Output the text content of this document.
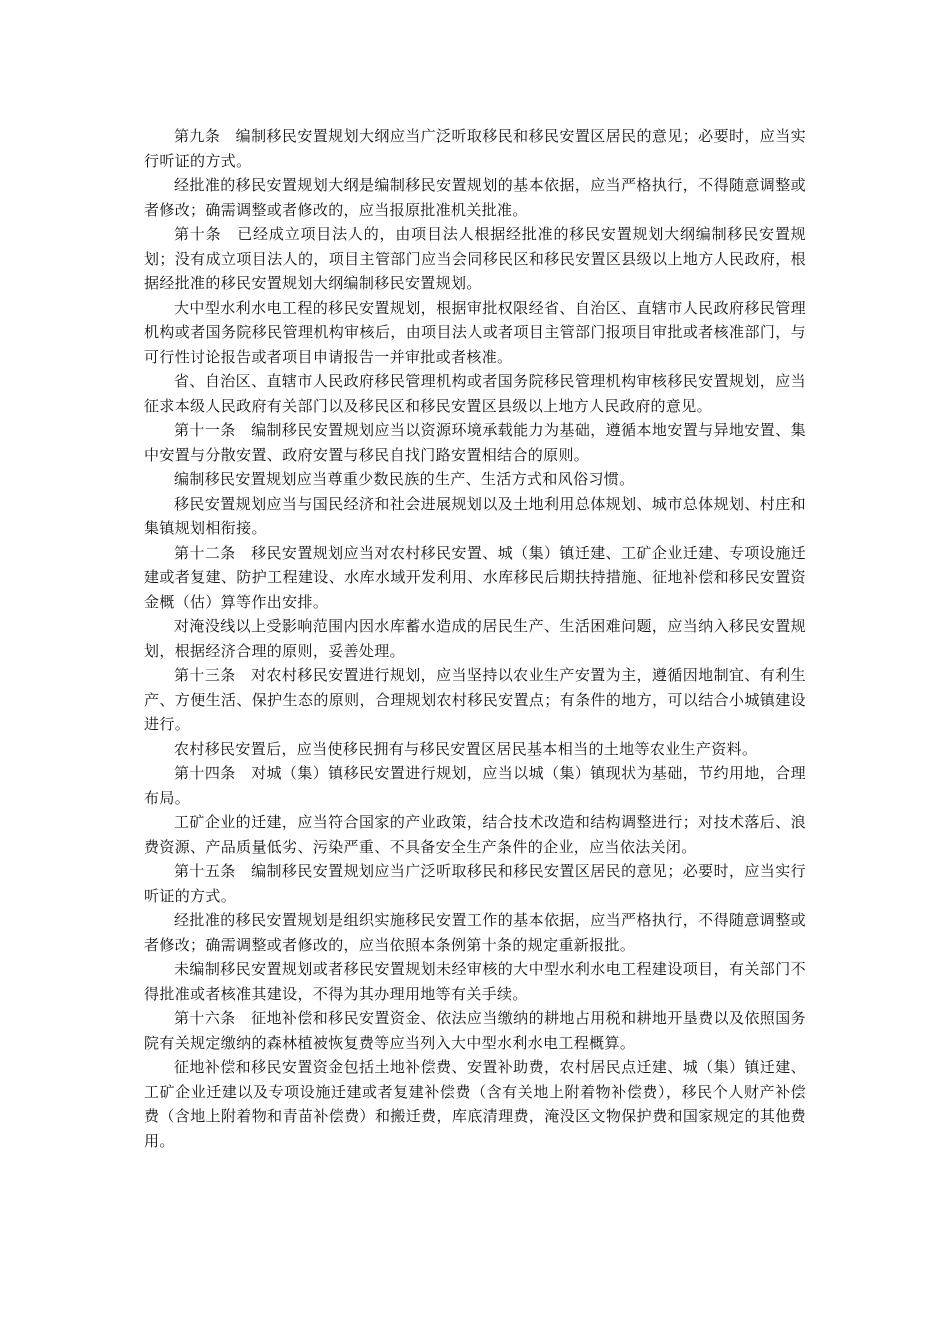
第九条　编制移民安置规划大纲应当广泛听取移民和移民安置区居民的意见；必要时，应当实行听证的方式。

经批准的移民安置规划大纲是编制移民安置规划的基本依据，应当严格执行，不得随意调整或者修改；确需调整或者修改的，应当报原批准机关批准。

第十条　已经成立项目法人的，由项目法人根据经批准的移民安置规划大纲编制移民安置规划；没有成立项目法人的，项目主管部门应当会同移民区和移民安置区县级以上地方人民政府，根据经批准的移民安置规划大纲编制移民安置规划。

大中型水利水电工程的移民安置规划，根据审批权限经省、自治区、直辖市人民政府移民管理机构或者国务院移民管理机构审核后，由项目法人或者项目主管部门报项目审批或者核准部门，与可行性讨论报告或者项目申请报告一并审批或者核准。

省、自治区、直辖市人民政府移民管理机构或者国务院移民管理机构审核移民安置规划，应当征求本级人民政府有关部门以及移民区和移民安置区县级以上地方人民政府的意见。

第十一条　编制移民安置规划应当以资源环境承载能力为基础，遵循本地安置与异地安置、集中安置与分散安置、政府安置与移民自找门路安置相结合的原则。

编制移民安置规划应当尊重少数民族的生产、生活方式和风俗习惯。

移民安置规划应当与国民经济和社会进展规划以及土地利用总体规划、城市总体规划、村庄和集镇规划相衔接。

第十二条　移民安置规划应当对农村移民安置、城（集）镇迁建、工矿企业迁建、专项设施迁建或者复建、防护工程建设、水库水域开发利用、水库移民后期扶持措施、征地补偿和移民安置资金概（估）算等作出安排。

对淹没线以上受影响范围内因水库蓄水造成的居民生产、生活困难问题，应当纳入移民安置规划，根据经济合理的原则，妥善处理。

第十三条　对农村移民安置进行规划，应当坚持以农业生产安置为主，遵循因地制宜、有利生产、方便生活、保护生态的原则，合理规划农村移民安置点；有条件的地方，可以结合小城镇建设进行。

农村移民安置后，应当使移民拥有与移民安置区居民基本相当的土地等农业生产资料。

第十四条　对城（集）镇移民安置进行规划，应当以城（集）镇现状为基础，节约用地，合理布局。

工矿企业的迁建，应当符合国家的产业政策，结合技术改造和结构调整进行；对技术落后、浪费资源、产品质量低劣、污染严重、不具备安全生产条件的企业，应当依法关闭。

第十五条　编制移民安置规划应当广泛听取移民和移民安置区居民的意见；必要时，应当实行听证的方式。

经批准的移民安置规划是组织实施移民安置工作的基本依据，应当严格执行，不得随意调整或者修改；确需调整或者修改的，应当依照本条例第十条的规定重新报批。

未编制移民安置规划或者移民安置规划未经审核的大中型水利水电工程建设项目，有关部门不得批准或者核准其建设，不得为其办理用地等有关手续。

第十六条　征地补偿和移民安置资金、依法应当缴纳的耕地占用税和耕地开垦费以及依照国务院有关规定缴纳的森林植被恢复费等应当列入大中型水利水电工程概算。

征地补偿和移民安置资金包括土地补偿费、安置补助费，农村居民点迁建、城（集）镇迁建、工矿企业迁建以及专项设施迁建或者复建补偿费（含有关地上附着物补偿费），移民个人财产补偿费（含地上附着物和青苗补偿费）和搬迁费，库底清理费，淹没区文物保护费和国家规定的其他费用。
